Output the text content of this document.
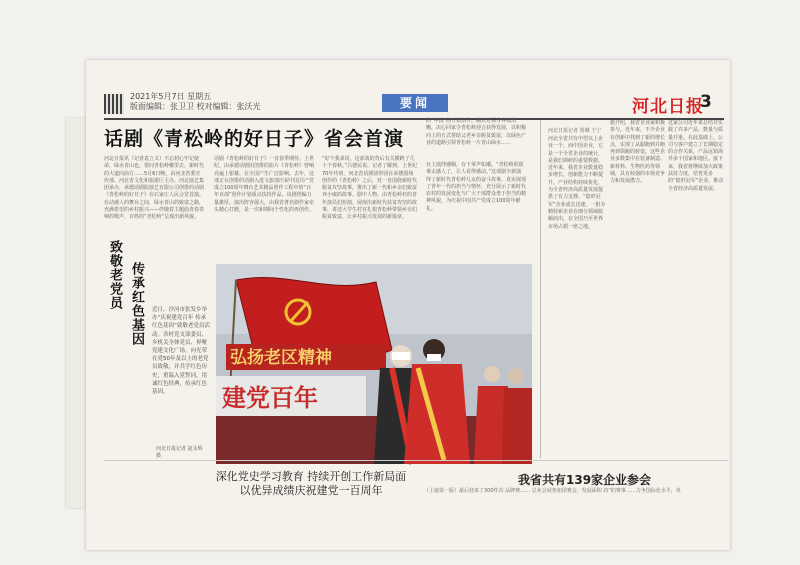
2021年5月7日 星期五
版面编辑：张卫卫 校对编辑：张沃光	要闻	河北日报
3
话剧《青松岭的好日子》省会首演
河北日报讯（记者袁立义）不忘初心牢记使命，绿水青山也，要问青松岭哪里去，新时代的大道向前方……5月6日晚，由河北省委宣传部、河北省文化和旅游厅主办，河北演艺集团承办，承德话剧院演艺有限公司创排的话剧《青松岭的好日子》在石家庄人民会堂首演。在动感人的舞台之间，绿水青山的致富之路，充满希望的乡村振兴——伴随着主题曲青春奏响的歌声，百姓的“青松岭”呈现出新风貌。
话剧《青松岭的好日子》一首春季期待。上世纪，由承德话剧团创排的影片《青松岭》曾响亮遍上银幕。在全国产生广泛影响。去年，这部正在创排的话剧入选文旅部庆祝中国共产党成立100周年舞台艺术精品创作工程中的“百年百部”创作计划重点扶持作品。该剧创编力量雄厚，演出阵容强大，由我省著名剧作家牵头精心打磨，是一次和期间个性化的再创作。
“好个我来说，这部戏的背后有关横跨了几十个春秋。”吕德民说。记者了解到，上世纪70年代初，河北省话剧团带团在承德围场创作的《青松岭》之后，对一直围绕新时代脱贫攻坚故事，推出了新一代和乡亲们致富奔小康的故事。剧中人物，由青松岭村的青年演员们扮演，展现出新时代扶贫攻坚的故事，讲述大学生村官扎根青松岭带领乡亲们脱贫致富，让乡村振兴发展的新篇章。
的“中国”的开始创作，确认老领导奔按清晰，决心回家令青松岭迎合获得发展，以积极向上的方式帮助父老乡亲脱贫致富，以绿色产业的道路引领青松岭一片青山绿水……
台上演绎感佩，台下掌声如潮。“青松岭的故事太感人了，让人看得感动。”这部剧全新演绎了新时代青松岭儿女的奋斗故事，真实展现了青年一代的担当与情怀，充分展示了新时代农村的发展变化与广大干部群众勇于担当的精神风貌，为庆祝中国共产党成立100周年献礼。
致敬老党员 传承红色基因 近日，沙河市张发乡举办“庆祝建党百年 传承红色基因”致敬老党员活动。各村党支部委员、乡机关全体党员、界聚党建文化广场，向光荣在党50年及以上的老党员致敬，并共学红色历史，重温入党誓词，用诚红色经典，传承红色基因。
河北日报记者 赵永辉摄
弘扬老区精神
建党百年
深化党史学习教育 持续开创工作新局面
以优异成绩庆祝建党一百周年
河北日报记者 贾琳 王宁
河北全省共有中型以上企业一个，而中国企业，它是一个全省企业的统计，是我们调研的重要数据。近年来，我省企业数量稳步增长，创新能力不断提升，产业结构持续优化，为全省经济高质量发展提供了有力支撑。“隐形冠军”企业成长迅速，一批专精特新企业在细分领域脱颖而出，在全国乃至世界市场占据一席之地。
据介绍，我省企业家积极参与，近年来，不少企业在创新中找到了新的增长点，实现了从跟跑到并跑再到领跑的转变。这些企业多数集中在装备制造、新材料、生物医药等领域，具有较强的市场竞争力和发展潜力。
这家公司近年来总结并实践了许多产品，数量与质量并重。在此基础上，公司与客户建立了长期稳定的合作关系，产品远销海外多个国家和地区。接下来，我省将继续加大政策扶持力度，培育更多的“隐形冠军”企业，推动全省经济高质量发展。
我省共有139家企业参会
（上接第一版）最后迎来了300件次 品牌赛…… 总业会展参加国赛会，发展面积 持“的赛事……力争国际化水平，单
